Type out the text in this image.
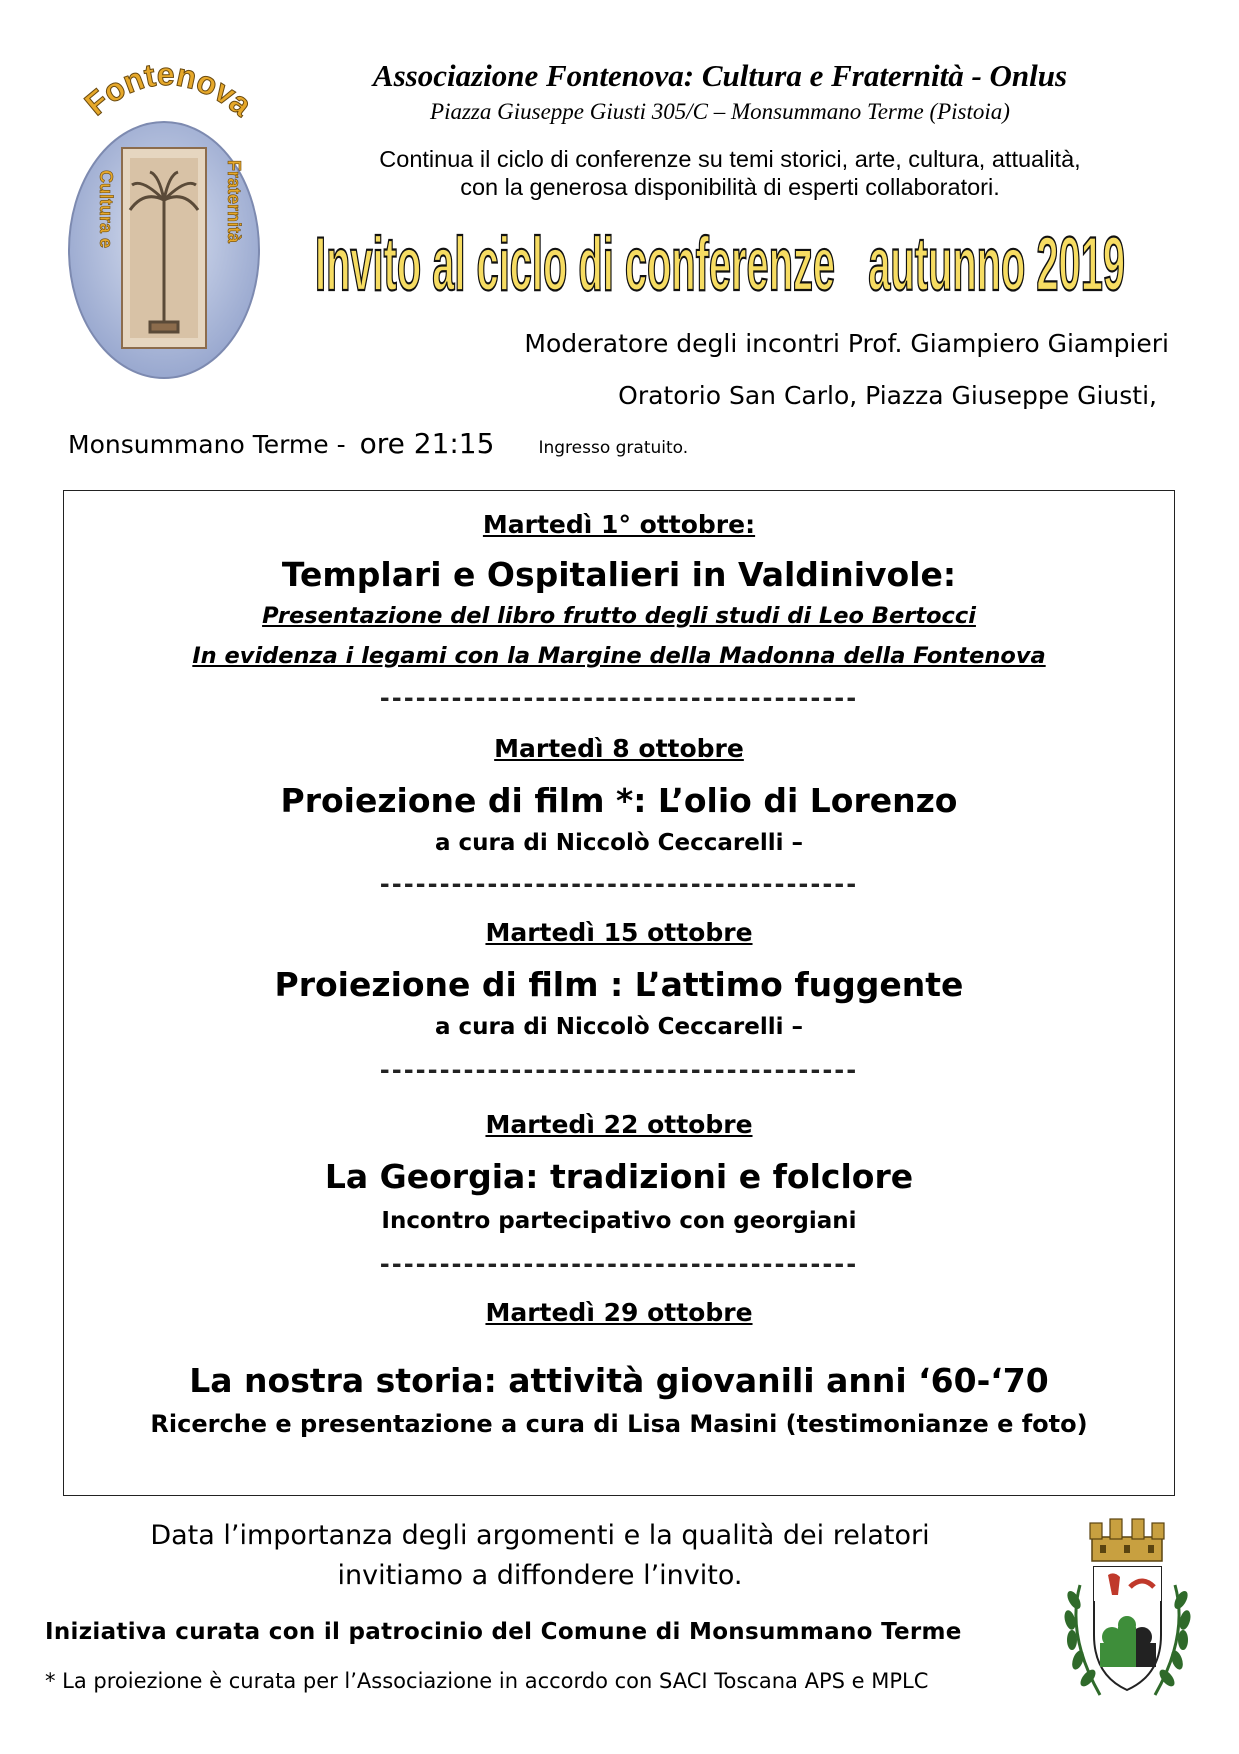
Fontenova
Cultura e	Fraternità
Associazione Fontenova: Cultura e Fraternità - Onlus
Piazza Giuseppe Giusti 305/C – Monsummano Terme (Pistoia)
Continua il ciclo di conferenze su temi storici, arte, cultura, attualità,
con la generosa disponibilità di esperti collaboratori.
Invito al ciclo di conferenze   autunno 2019
Moderatore degli incontri Prof. Giampiero Giampieri
Oratorio San Carlo, Piazza Giuseppe Giusti,
Monsummano Terme - ore 21:15	Ingresso gratuito.
Martedì 1° ottobre:
Templari e Ospitalieri in Valdinivole:
Presentazione del libro frutto degli studi di Leo Bertocci
In evidenza i legami con la Margine della Madonna della Fontenova
----------------------------------------
Martedì 8 ottobre
Proiezione di film *: L’olio di Lorenzo
a cura di Niccolò Ceccarelli –
----------------------------------------
Martedì 15 ottobre
Proiezione di film : L’attimo fuggente
a cura di Niccolò Ceccarelli –
----------------------------------------
Martedì 22 ottobre
La Georgia: tradizioni e folclore
Incontro partecipativo con georgiani
----------------------------------------
Martedì 29 ottobre
La nostra storia: attività giovanili anni ‘60-‘70
Ricerche e presentazione a cura di Lisa Masini (testimonianze e foto)
Data l’importanza degli argomenti e la qualità dei relatori
invitiamo a diffondere l’invito.
Iniziativa curata con il patrocinio del Comune di Monsummano Terme
* La proiezione è curata per l’Associazione in accordo con SACI Toscana APS e MPLC
